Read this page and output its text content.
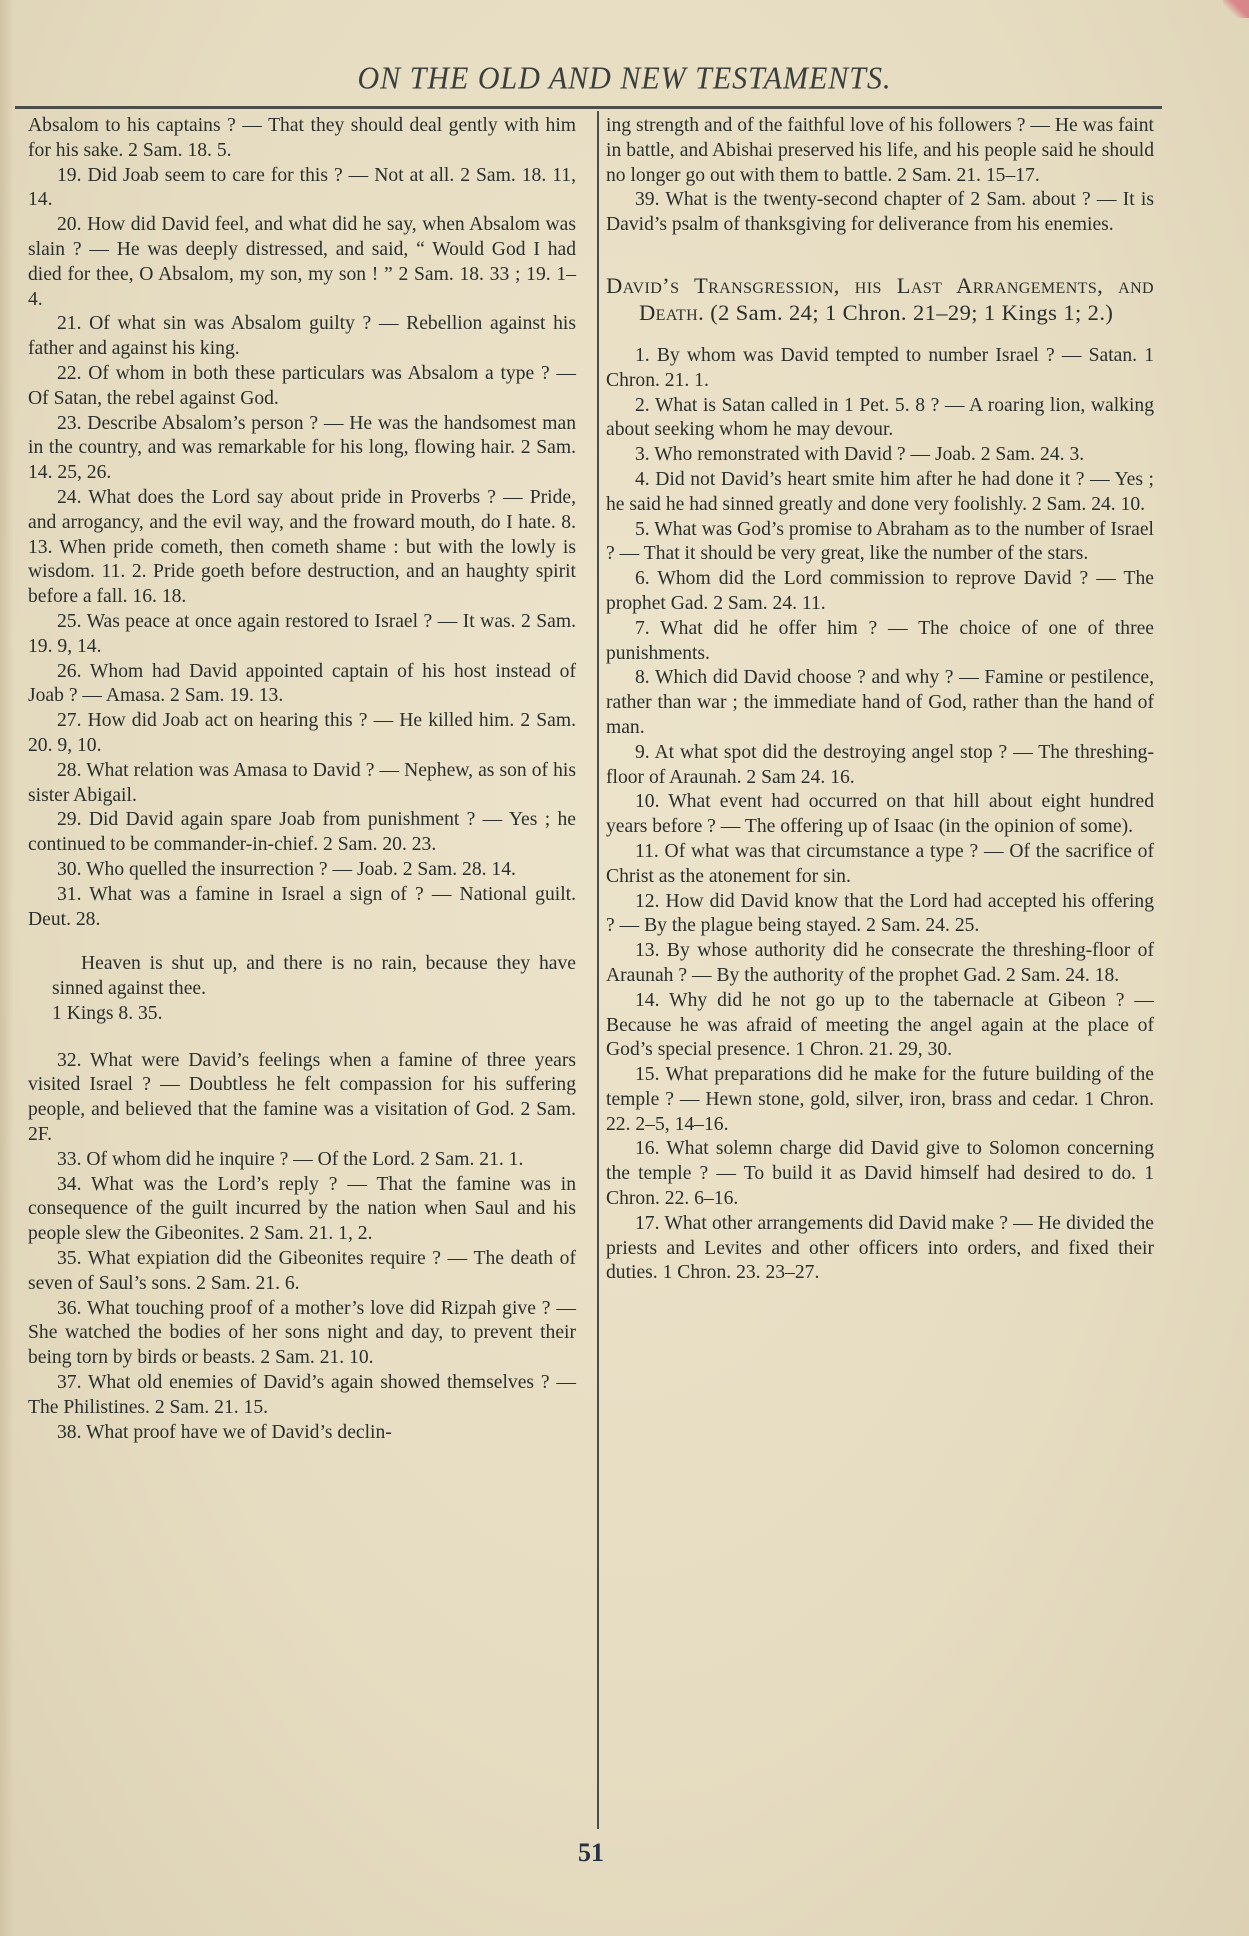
ON THE OLD AND NEW TESTAMENTS.

Absalom to his captains ? — That they should deal gently with him for his sake. 2 Sam. 18. 5.

19. Did Joab seem to care for this ? — Not at all. 2 Sam. 18. 11, 14.

20. How did David feel, and what did he say, when Absalom was slain ? — He was deeply distressed, and said, “ Would God I had died for thee, O Absalom, my son, my son ! ” 2 Sam. 18. 33 ; 19. 1–4.

21. Of what sin was Absalom guilty ? — Rebellion against his father and against his king.

22. Of whom in both these particulars was Absalom a type ? — Of Satan, the rebel against God.

23. Describe Absalom’s person ? — He was the handsomest man in the country, and was remarkable for his long, flowing hair. 2 Sam. 14. 25, 26.

24. What does the Lord say about pride in Proverbs ? — Pride, and arrogancy, and the evil way, and the froward mouth, do I hate. 8. 13. When pride cometh, then cometh shame : but with the lowly is wisdom. 11. 2. Pride goeth before destruction, and an haughty spirit before a fall. 16. 18.

25. Was peace at once again restored to Israel ? — It was. 2 Sam. 19. 9, 14.

26. Whom had David appointed captain of his host instead of Joab ? — Amasa. 2 Sam. 19. 13.

27. How did Joab act on hearing this ? — He killed him. 2 Sam. 20. 9, 10.

28. What relation was Amasa to David ? — Nephew, as son of his sister Abigail.

29. Did David again spare Joab from punishment ? — Yes ; he continued to be commander-in-chief. 2 Sam. 20. 23.

30. Who quelled the insurrection ? — Joab. 2 Sam. 28. 14.

31. What was a famine in Israel a sign of ? — National guilt. Deut. 28.

Heaven is shut up, and there is no rain, because they have sinned against thee.
1 Kings 8. 35.

32. What were David’s feelings when a famine of three years visited Israel ? — Doubtless he felt compassion for his suffering people, and believed that the famine was a visitation of God. 2 Sam. 2F.

33. Of whom did he inquire ? — Of the Lord. 2 Sam. 21. 1.

34. What was the Lord’s reply ? — That the famine was in consequence of the guilt incurred by the nation when Saul and his people slew the Gibeonites. 2 Sam. 21. 1, 2.

35. What expiation did the Gibeonites require ? — The death of seven of Saul’s sons. 2 Sam. 21. 6.

36. What touching proof of a mother’s love did Rizpah give ? — She watched the bodies of her sons night and day, to prevent their being torn by birds or beasts. 2 Sam. 21. 10.

37. What old enemies of David’s again showed themselves ? — The Philistines. 2 Sam. 21. 15.

38. What proof have we of David’s declin-

ing strength and of the faithful love of his followers ? — He was faint in battle, and Abishai preserved his life, and his people said he should no longer go out with them to battle. 2 Sam. 21. 15–17.

39. What is the twenty-second chapter of 2 Sam. about ? — It is David’s psalm of thanksgiving for deliverance from his enemies.

David’s Transgression, his Last Arrangements, and Death. (2 Sam. 24; 1 Chron. 21–29; 1 Kings 1; 2.)

1. By whom was David tempted to number Israel ? — Satan. 1 Chron. 21. 1.

2. What is Satan called in 1 Pet. 5. 8 ? — A roaring lion, walking about seeking whom he may devour.

3. Who remonstrated with David ? — Joab. 2 Sam. 24. 3.

4. Did not David’s heart smite him after he had done it ? — Yes ; he said he had sinned greatly and done very foolishly. 2 Sam. 24. 10.

5. What was God’s promise to Abraham as to the number of Israel ? — That it should be very great, like the number of the stars.

6. Whom did the Lord commission to reprove David ? — The prophet Gad. 2 Sam. 24. 11.

7. What did he offer him ? — The choice of one of three punishments.

8. Which did David choose ? and why ? — Famine or pestilence, rather than war ; the immediate hand of God, rather than the hand of man.

9. At what spot did the destroying angel stop ? — The threshing-floor of Araunah. 2 Sam 24. 16.

10. What event had occurred on that hill about eight hundred years before ? — The offering up of Isaac (in the opinion of some).

11. Of what was that circumstance a type ? — Of the sacrifice of Christ as the atonement for sin.

12. How did David know that the Lord had accepted his offering ? — By the plague being stayed. 2 Sam. 24. 25.

13. By whose authority did he consecrate the threshing-floor of Araunah ? — By the authority of the prophet Gad. 2 Sam. 24. 18.

14. Why did he not go up to the tabernacle at Gibeon ? — Because he was afraid of meeting the angel again at the place of God’s special presence. 1 Chron. 21. 29, 30.

15. What preparations did he make for the future building of the temple ? — Hewn stone, gold, silver, iron, brass and cedar. 1 Chron. 22. 2–5, 14–16.

16. What solemn charge did David give to Solomon concerning the temple ? — To build it as David himself had desired to do. 1 Chron. 22. 6–16.

17. What other arrangements did David make ? — He divided the priests and Levites and other officers into orders, and fixed their duties. 1 Chron. 23. 23–27.

51
